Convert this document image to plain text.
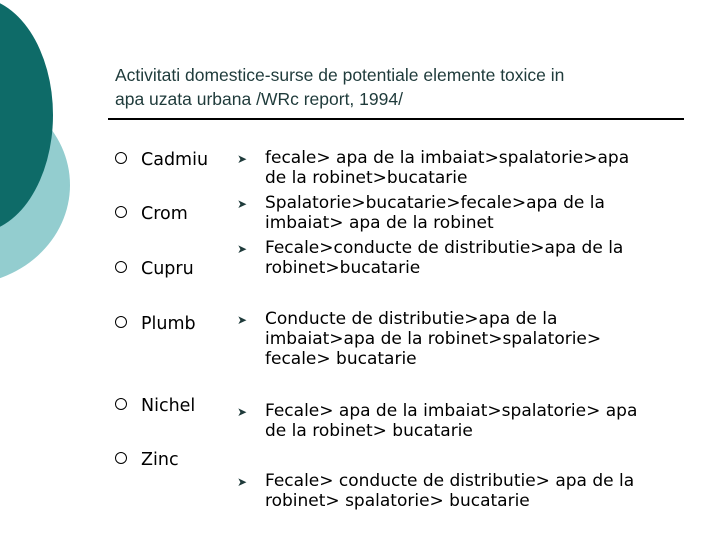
Activitati domestice-surse de potentiale elemente toxice in
apa uzata urbana /WRc report, 1994/
Cadmiu
Crom
Cupru
Plumb
Nichel
Zinc
➤ fecale> apa de la imbaiat>spalatorie>apa
de la robinet>bucatarie
➤ Spalatorie>bucatarie>fecale>apa de la
imbaiat> apa de la robinet
➤ Fecale>conducte de distributie>apa de la
robinet>bucatarie
➤ Conducte de distributie>apa de la
imbaiat>apa de la robinet>spalatorie>
fecale> bucatarie
➤ Fecale> apa de la imbaiat>spalatorie> apa
de la robinet> bucatarie
➤ Fecale> conducte de distributie> apa de la
robinet> spalatorie> bucatarie
